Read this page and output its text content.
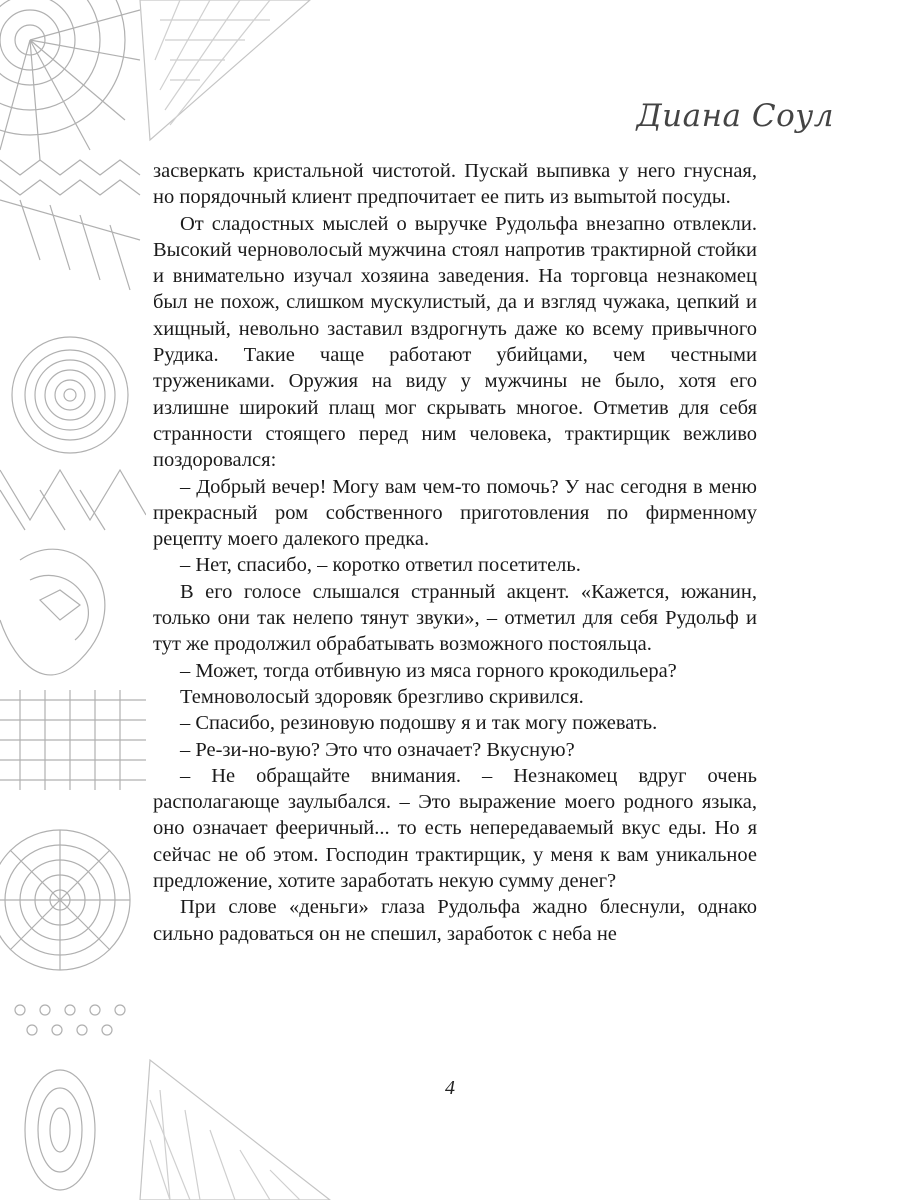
Диана Соул

засверкать кристальной чистотой. Пускай выпивка у него гнусная, но порядочный клиент предпочитает ее пить из выmытой посуды.

От сладостных мыслей о выручке Рудольфа внезапно отвлекли. Высокий черноволосый мужчина стоял напротив трактирной стойки и внимательно изучал хозяина заведения. На торговца незнакомец был не похож, слишком мускулистый, да и взгляд чужака, цепкий и хищный, невольно заставил вздрогнуть даже ко всему привычного Рудика. Такие чаще работают убийцами, чем честными тружениками. Оружия на виду у мужчины не было, хотя его излишне широкий плащ мог скрывать многое. Отметив для себя странности стоящего перед ним человека, трактирщик вежливо поздоровался:

– Добрый вечер! Могу вам чем-то помочь? У нас сегодня в меню прекрасный ром собственного приготовления по фирменному рецепту моего далекого предка.

– Нет, спасибо, – коротко ответил посетитель.

В его голосе слышался странный акцент. «Кажется, южанин, только они так нелепо тянут звуки», – отметил для себя Рудольф и тут же продолжил обрабатывать возможного постояльца.

– Может, тогда отбивную из мяса горного крокодильера?

Темноволосый здоровяк брезгливо скривился.

– Спасибо, резиновую подошву я и так могу пожевать.

– Ре-зи-но-вую? Это что означает? Вкусную?

– Не обращайте внимания. – Незнакомец вдруг очень располагающе заулыбался. – Это выражение моего родного языка, оно означает фееричный... то есть непередаваемый вкус еды. Но я сейчас не об этом. Господин трактирщик, у меня к вам уникальное предложение, хотите заработать некую сумму денег?

При слове «деньги» глаза Рудольфа жадно блеснули, однако сильно радоваться он не спешил, заработок с неба не

4
